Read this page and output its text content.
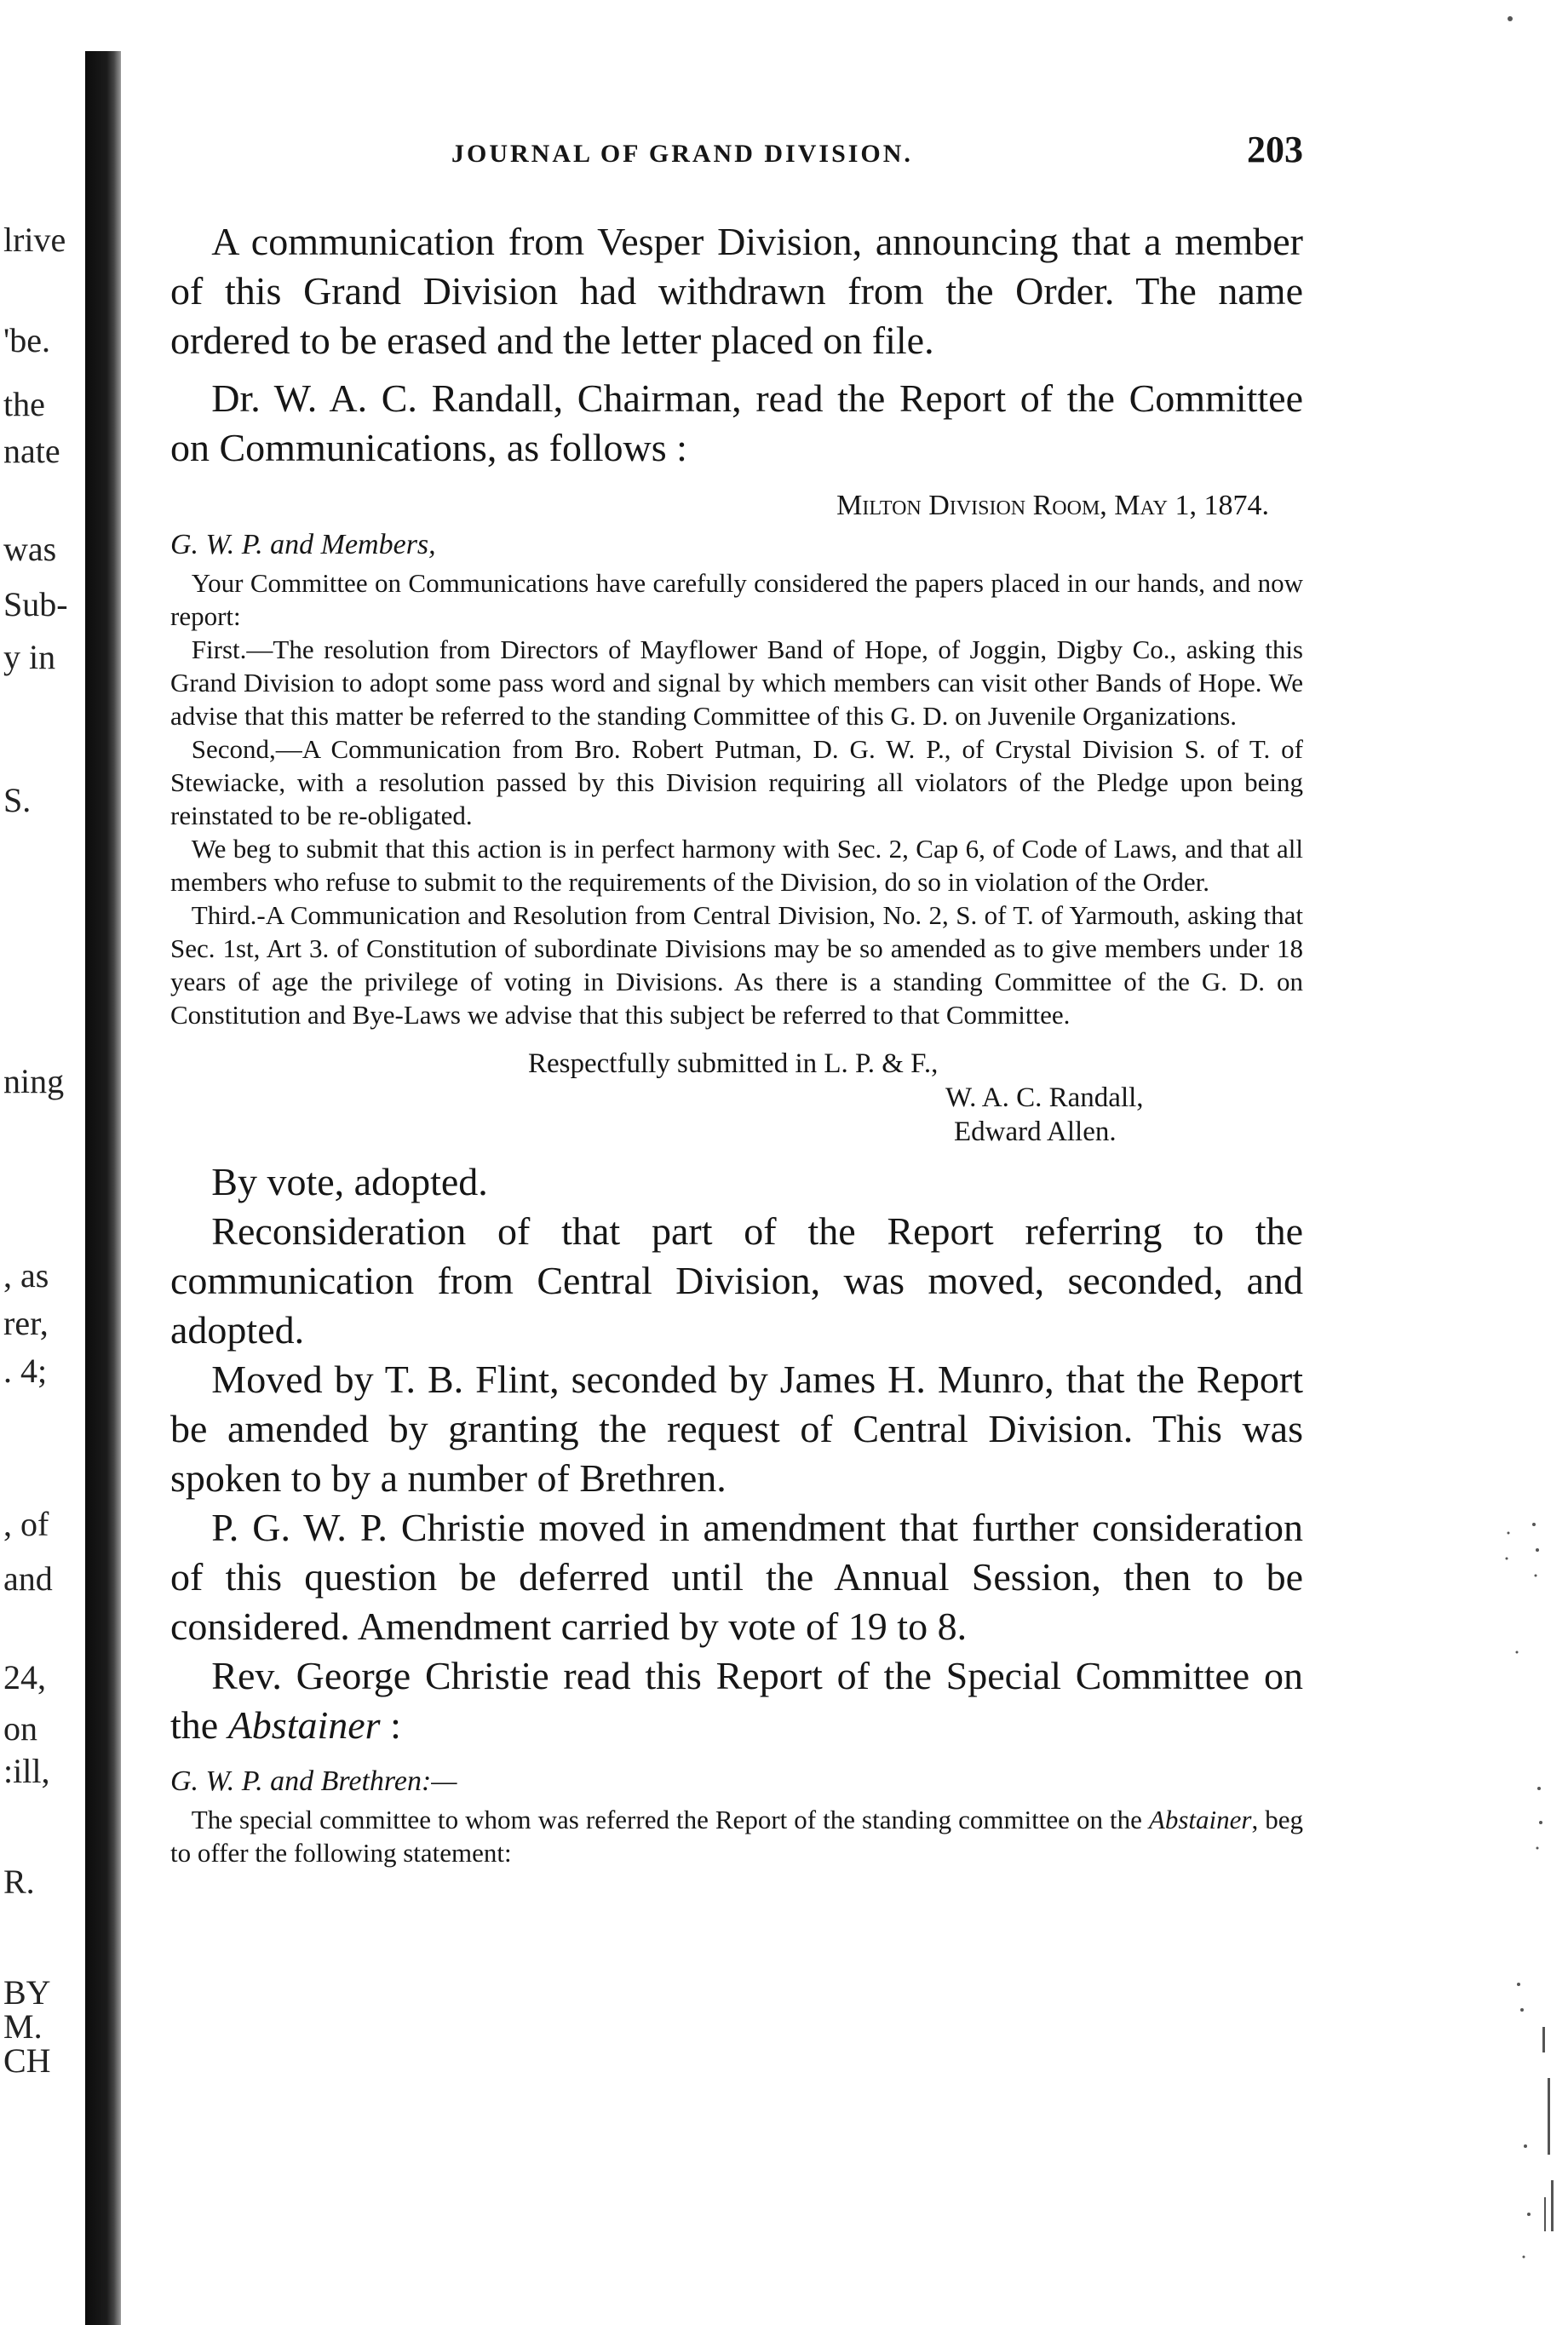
lrive
'be.
the
nate
was
Sub-
y in
S.
ning
, as
rer,
. 4;
, of
and
24,
on
:ill,
R.
BY
M.
CH
JOURNAL OF GRAND DIVISION.	203

A communication from Vesper Division, announcing that a member of this Grand Division had withdrawn from the Order. The name ordered to be erased and the letter placed on file.

Dr. W. A. C. Randall, Chairman, read the Report of the Committee on Communications, as follows :

Milton Division Room, May 1, 1874.
G. W. P. and Members,

Your Committee on Communications have carefully considered the papers placed in our hands, and now report:

First.—The resolution from Directors of Mayflower Band of Hope, of Joggin, Digby Co., asking this Grand Division to adopt some pass word and signal by which members can visit other Bands of Hope. We advise that this matter be referred to the standing Committee of this G. D. on Juvenile Organizations.

Second,—A Communication from Bro. Robert Putman, D. G. W. P., of Crystal Division S. of T. of Stewiacke, with a resolution passed by this Division requiring all violators of the Pledge upon being reinstated to be re-obligated.

We beg to submit that this action is in perfect harmony with Sec. 2, Cap 6, of Code of Laws, and that all members who refuse to submit to the requirements of the Division, do so in violation of the Order.

Third.-A Communication and Resolution from Central Division, No. 2, S. of T. of Yarmouth, asking that Sec. 1st, Art 3. of Constitution of subordinate Divisions may be so amended as to give members under 18 years of age the privilege of voting in Divisions. As there is a standing Committee of the G. D. on Constitution and Bye-Laws we advise that this subject be referred to that Committee.

Respectfully submitted in L. P. & F.,
W. A. C. Randall,
Edward Allen.

By vote, adopted.

Reconsideration of that part of the Report referring to the communication from Central Division, was moved, seconded, and adopted.

Moved by T. B. Flint, seconded by James H. Munro, that the Report be amended by granting the request of Central Division. This was spoken to by a number of Brethren.

P. G. W. P. Christie moved in amendment that further consideration of this question be deferred until the Annual Session, then to be considered. Amendment carried by vote of 19 to 8.

Rev. George Christie read this Report of the Special Committee on the Abstainer :

G. W. P. and Brethren:—

The special committee to whom was referred the Report of the standing committee on the Abstainer, beg to offer the following statement:
